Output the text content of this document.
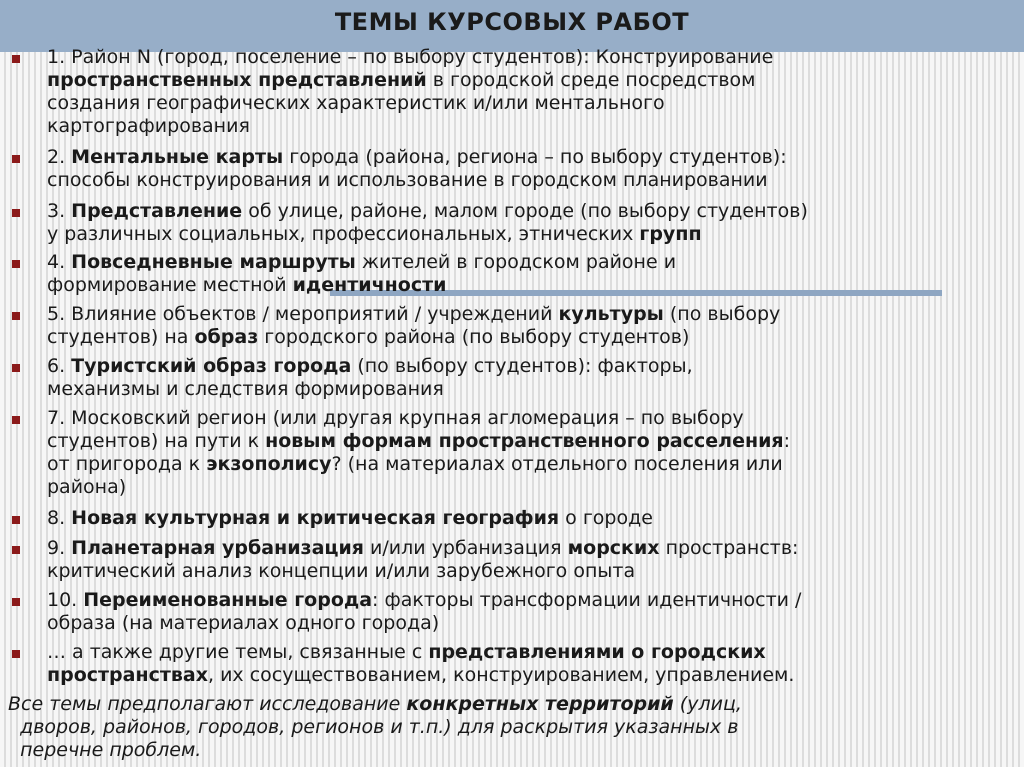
ТЕМЫ КУРСОВЫХ РАБОТ
1. Район N (город, поселение – по выбору студентов): Конструирование
пространственных представлений в городской среде посредством
создания географических характеристик и/или ментального
картографирования
2. Ментальные карты города (района, региона – по выбору студентов):
способы конструирования и использование в городском планировании
3. Представление об улице, районе, малом городе (по выбору студентов)
у различных социальных, профессиональных, этнических групп
4. Повседневные маршруты жителей в городском районе и
формирование местной идентичности
5. Влияние объектов / мероприятий / учреждений культуры (по выбору
студентов) на образ городского района (по выбору студентов)
6. Туристский образ города (по выбору студентов): факторы,
механизмы и следствия формирования
7. Московский регион (или другая крупная агломерация – по выбору
студентов) на пути к новым формам пространственного расселения:
от пригорода к экзополису? (на материалах отдельного поселения или
района)
8. Новая культурная и критическая география о городе
9. Планетарная урбанизация и/или урбанизация морских пространств:
критический анализ концепции и/или зарубежного опыта
10. Переименованные города: факторы трансформации идентичности /
образа (на материалах одного города)
… а также другие темы, связанные с представлениями о городских
пространствах, их сосуществованием, конструированием, управлением.
Все темы предполагают исследование конкретных территорий (улиц,
дворов, районов, городов, регионов и т.п.) для раскрытия указанных в
перечне проблем.
